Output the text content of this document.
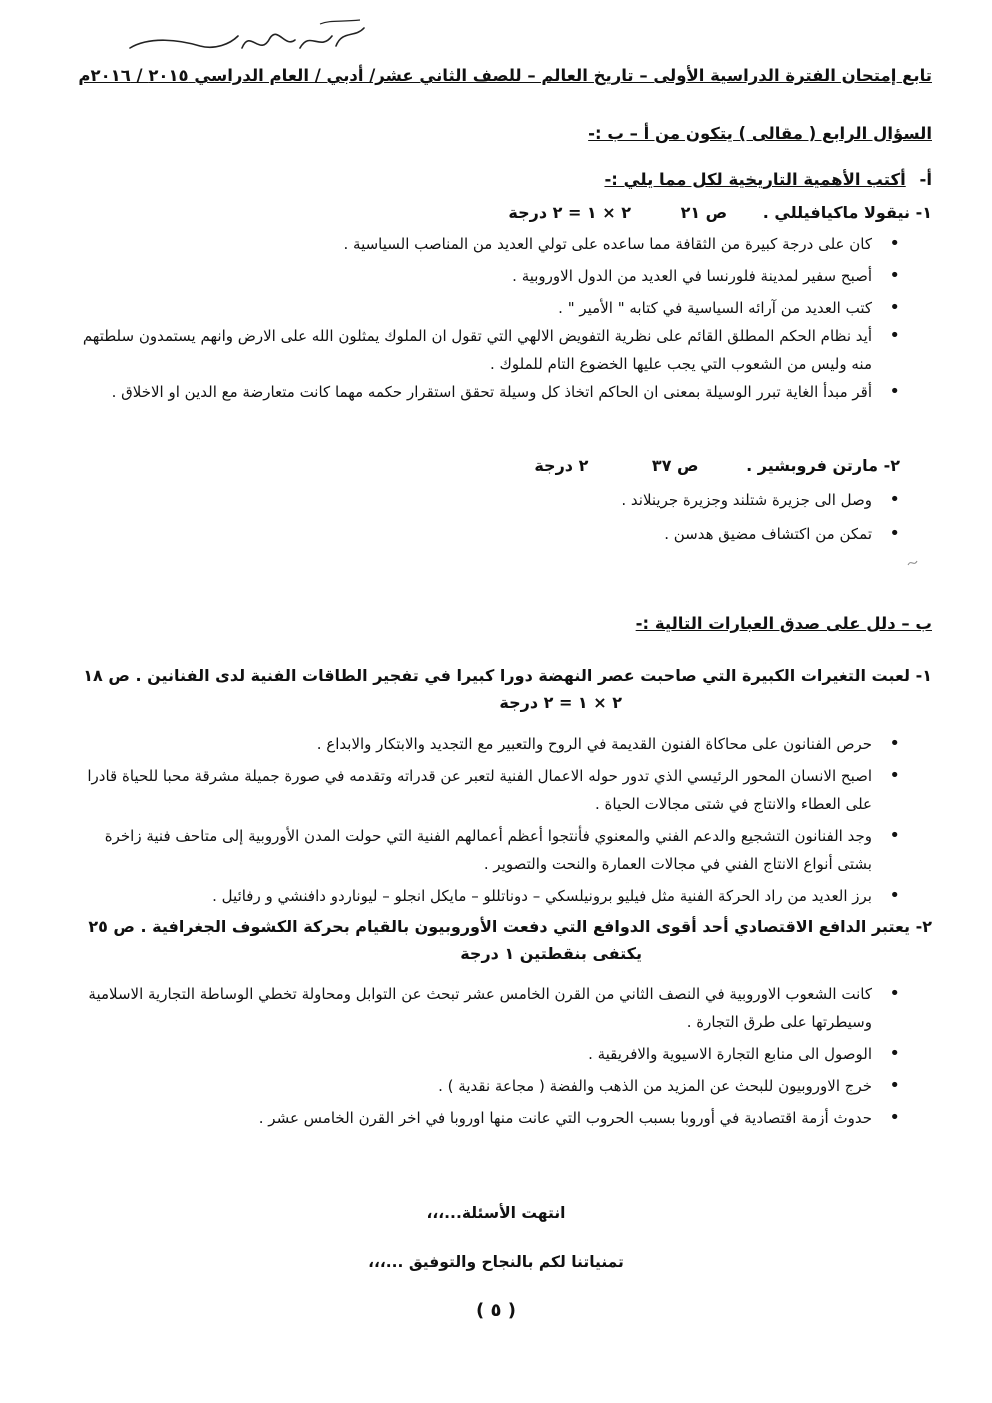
تابع إمتحان الفترة الدراسية الأولى – تاريخ العالم – للصف الثاني عشر/ أدبي / العام الدراسي ٢٠١٥ / ٢٠١٦م
السؤال الرابع ( مقالى ) يتكون من أ – ب :-
أ- أكتب الأهمية التاريخية لكل مما يلي :-
١- نيقولا ماكيافيللي . ص ٢١ ٢ × ١ = ٢ درجة
• كان على درجة كبيرة من الثقافة مما ساعده على تولي العديد من المناصب السياسية .
• أصبح سفير لمدينة فلورنسا في العديد من الدول الاوروبية .
• كتب العديد من آرائه السياسية في كتابه " الأمير " .
• أيد نظام الحكم المطلق القائم على نظرية التفويض الالهي التي تقول ان الملوك يمثلون الله على الارض وانهم يستمدون سلطتهم منه وليس من الشعوب التي يجب عليها الخضوع التام للملوك .
• أقر مبدأ الغاية تبرر الوسيلة بمعنى ان الحاكم اتخاذ كل وسيلة تحقق استقرار حكمه مهما كانت متعارضة مع الدين او الاخلاق .
٢- مارتن فروبشير . ص ٣٧ ٢ درجة
• وصل الى جزيرة شتلند وجزيرة جرينلاند .
• تمكن من اكتشاف مضيق هدسن .
ب – دلل على صدق العبارات التالية :-
١- لعبت التغيرات الكبيرة التي صاحبت عصر النهضة دورا كبيرا في تفجير الطاقات الفنية لدى الفنانين . ص ١٨
٢ × ١ = ٢ درجة
• حرص الفنانون على محاكاة الفنون القديمة في الروح والتعبير مع التجديد والابتكار والابداع .
• اصبح الانسان المحور الرئيسي الذي تدور حوله الاعمال الفنية لتعبر عن قدراته وتقدمه في صورة جميلة مشرقة محبا للحياة قادرا على العطاء والانتاج في شتى مجالات الحياة .
• وجد الفنانون التشجيع والدعم الفني والمعنوي فأنتجوا أعظم أعمالهم الفنية التي حولت المدن الأوروبية إلى متاحف فنية زاخرة بشتى أنواع الانتاج الفني في مجالات العمارة والنحت والتصوير .
• برز العديد من راد الحركة الفنية مثل فيليو برونيلسكي – دوناتللو – مايكل انجلو – ليوناردو دافنشي و رفائيل .
٢- يعتبر الدافع الاقتصادي أحد أقوى الدوافع التي دفعت الأوروبيون بالقيام بحركة الكشوف الجغرافية . ص ٢٥
يكتفى بنقطتين ١ درجة
• كانت الشعوب الاوروبية في النصف الثاني من القرن الخامس عشر تبحث عن التوابل ومحاولة تخطي الوساطة التجارية الاسلامية وسيطرتها على طرق التجارة .
• الوصول الى منابع التجارة الاسيوية والافريقية .
• خرج الاوروبيون للبحث عن المزيد من الذهب والفضة ( مجاعة نقدية ) .
• حدوث أزمة اقتصادية في أوروبا بسبب الحروب التي عانت منها اوروبا في اخر القرن الخامس عشر .
انتهت الأسئلة...،،،
تمنياتنا لكم بالنجاح والتوفيق ...،،،
( ٥ )
